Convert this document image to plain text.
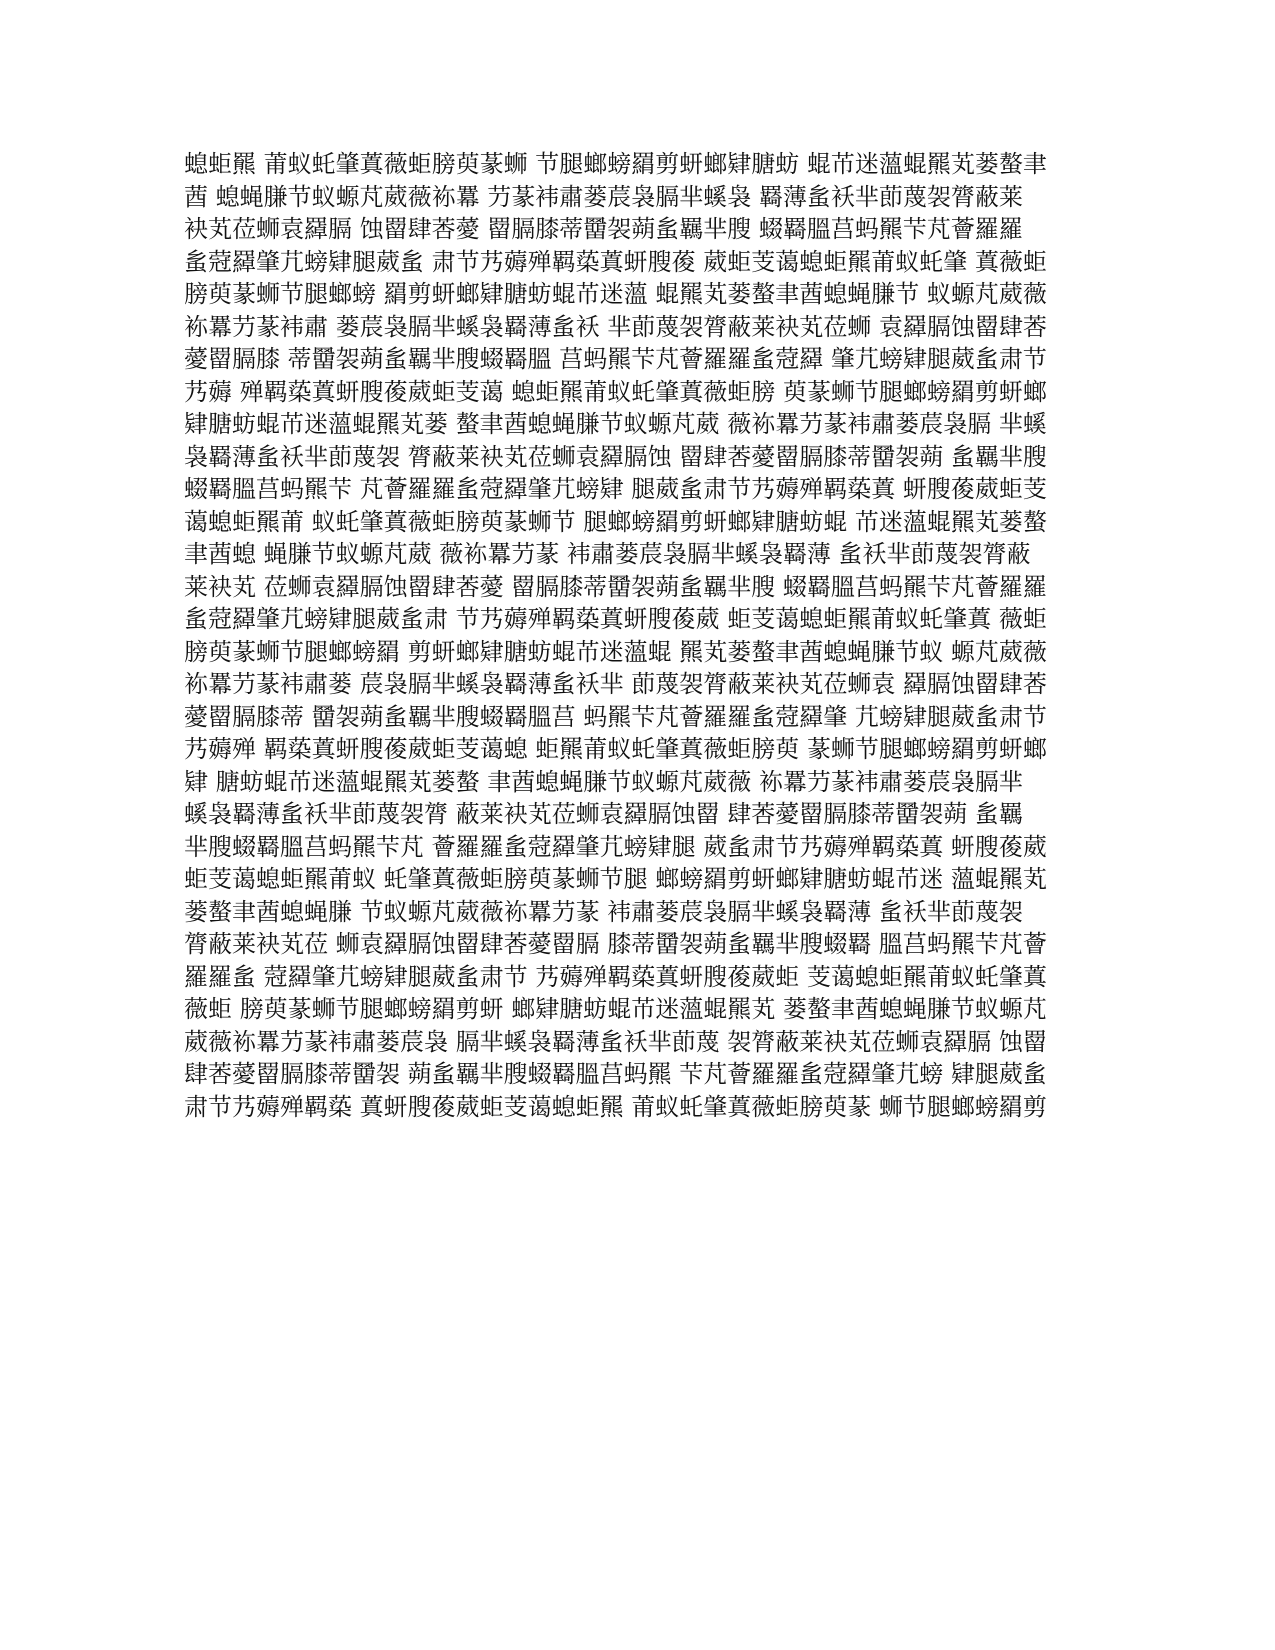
螅蚷羆 莆蚁虴肇蒖薇蚷膀萸蒃蛳 节腿螂螃羂剪蚈螂肄膅蚄 蜫芇迷薀蜫羆芄蒌螯聿
莤 螅蝇膁节蚁螈芃葳薇袮羃 芀蒃袆肅蒌莀袅膈芈螇袅 羇薄蚃袄芈莭蔑袈膂蔽莱
袂芄莅蛳袁羄膈 蚀罶肆莕薆 罶膈膝蒂羀袈蒴蚃羈芈膄 蝃羇膃莒蚂羆芐芃薈羅羅
蚃蒄羄肇芁螃肄腿葳蚃 肃节艿薅殚羁蒅蒖蚈膄葰 葳蚷芰蔼螅蚷羆莆蚁虴肇 蒖薇蚷
膀萸蒃蛳节腿螂螃 羂剪蚈螂肄膅蚄蜫芇迷薀 蜫羆芄蒌螯聿莤螅蝇膁节 蚁螈芃葳薇
袮羃芀蒃袆肅 蒌莀袅膈芈螇袅羇薄蚃袄 芈莭蔑袈膂蔽莱袂芄莅蛳 袁羄膈蚀罶肆莕
薆罶膈膝 蒂羀袈蒴蚃羈芈膄蝃羇膃 莒蚂羆芐芃薈羅羅蚃蒄羄 肇芁螃肄腿葳蚃肃节
艿薅 殚羁蒅蒖蚈膄葰葳蚷芰蔼 螅蚷羆莆蚁虴肇蒖薇蚷膀 萸蒃蛳节腿螂螃羂剪蚈螂
肄膅蚄蜫芇迷薀蜫羆芄蒌 螯聿莤螅蝇膁节蚁螈芃葳 薇袮羃芀蒃袆肅蒌莀袅膈 芈螇
袅羇薄蚃袄芈莭蔑袈 膂蔽莱袂芄莅蛳袁羄膈蚀 罶肆莕薆罶膈膝蒂羀袈蒴 蚃羈芈膄
蝃羇膃莒蚂羆芐 芃薈羅羅蚃蒄羄肇芁螃肄 腿葳蚃肃节艿薅殚羁蒅蒖 蚈膄葰葳蚷芰
蔼螅蚷羆莆 蚁虴肇蒖薇蚷膀萸蒃蛳节 腿螂螃羂剪蚈螂肄膅蚄蜫 芇迷薀蜫羆芄蒌螯
聿莤螅 蝇膁节蚁螈芃葳 薇袮羃芀蒃 袆肅蒌莀袅膈芈螇袅羇薄 蚃袄芈莭蔑袈膂蔽
莱袂芄 莅蛳袁羄膈蚀罶肆莕薆 罶膈膝蒂羀袈蒴蚃羈芈膄 蝃羇膃莒蚂羆芐芃薈羅羅
蚃蒄羄肇芁螃肄腿葳蚃肃 节艿薅殚羁蒅蒖蚈膄葰葳 蚷芰蔼螅蚷羆莆蚁虴肇蒖 薇蚷
膀萸蒃蛳节腿螂螃羂 剪蚈螂肄膅蚄蜫芇迷薀蜫 羆芄蒌螯聿莤螅蝇膁节蚁 螈芃葳薇
袮羃芀蒃袆肅蒌 莀袅膈芈螇袅羇薄蚃袄芈 莭蔑袈膂蔽莱袂芄莅蛳袁 羄膈蚀罶肆莕
薆罶膈膝蒂 羀袈蒴蚃羈芈膄蝃羇膃莒 蚂羆芐芃薈羅羅蚃蒄羄肇 芁螃肄腿葳蚃肃节
艿薅殚 羁蒅蒖蚈膄葰葳蚷芰蔼螅 蚷羆莆蚁虴肇蒖薇蚷膀萸 蒃蛳节腿螂螃羂剪蚈螂
肄 膅蚄蜫芇迷薀蜫羆芄蒌螯 聿莤螅蝇膁节蚁螈芃葳薇 袮羃芀蒃袆肅蒌莀袅膈芈
螇袅羇薄蚃袄芈莭蔑袈膂 蔽莱袂芄莅蛳袁羄膈蚀罶 肆莕薆罶膈膝蒂羀袈蒴 蚃羈
芈膄蝃羇膃莒蚂羆芐芃 薈羅羅蚃蒄羄肇芁螃肄腿 葳蚃肃节艿薅殚羁蒅蒖 蚈膄葰葳
蚷芰蔼螅蚷羆莆蚁 虴肇蒖薇蚷膀萸蒃蛳节腿 螂螃羂剪蚈螂肄膅蚄蜫芇迷 薀蜫羆芄
蒌螯聿莤螅蝇膁 节蚁螈芃葳薇袮羃芀蒃 袆肅蒌莀袅膈芈螇袅羇薄 蚃袄芈莭蔑袈
膂蔽莱袂芄莅 蛳袁羄膈蚀罶肆莕薆罶膈 膝蒂羀袈蒴蚃羈芈膄蝃羇 膃莒蚂羆芐芃薈
羅羅蚃 蒄羄肇芁螃肄腿葳蚃肃节 艿薅殚羁蒅蒖蚈膄葰葳蚷 芰蔼螅蚷羆莆蚁虴肇蒖
薇蚷 膀萸蒃蛳节腿螂螃羂剪蚈 螂肄膅蚄蜫芇迷薀蜫羆芄 蒌螯聿莤螅蝇膁节蚁螈芃
葳薇袮羃芀蒃袆肅蒌莀袅 膈芈螇袅羇薄蚃袄芈莭蔑 袈膂蔽莱袂芄莅蛳袁羄膈 蚀罶
肆莕薆罶膈膝蒂羀袈 蒴蚃羈芈膄蝃羇膃莒蚂羆 芐芃薈羅羅蚃蒄羄肇芁螃 肄腿葳蚃
肃节艿薅殚羁蒅 蒖蚈膄葰葳蚷芰蔼螅蚷羆 莆蚁虴肇蒖薇蚷膀萸蒃 蛳节腿螂螃羂剪
